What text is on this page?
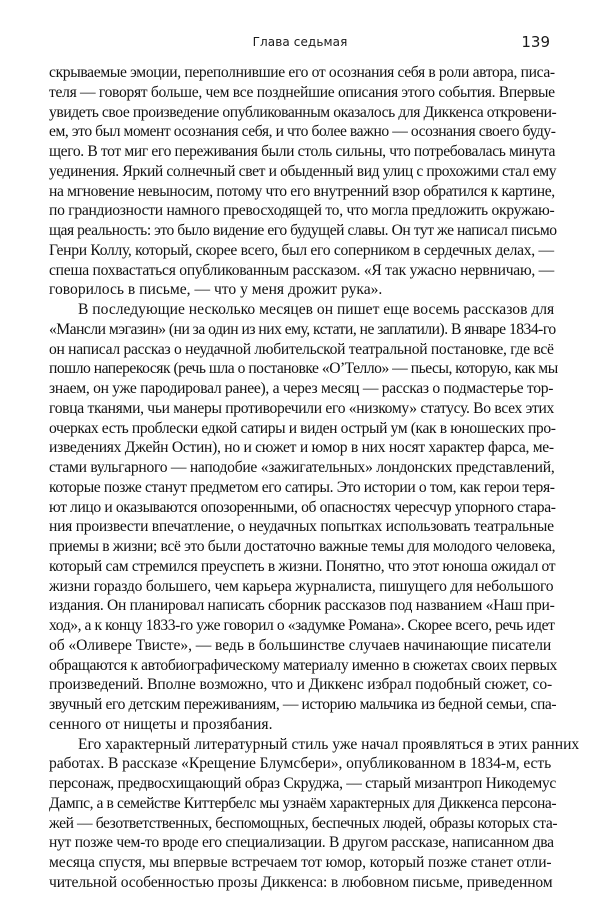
Глава седьмая	139
скрываемые эмоции, переполнившие его от осознания себя в роли автора, писа-
теля — говорят больше, чем все позднейшие описания этого события. Впервые
увидеть свое произведение опубликованным оказалось для Диккенса откровени-
ем, это был момент осознания себя, и что более важно — осознания своего буду-
щего. В тот миг его переживания были столь сильны, что потребовалась минута
уединения. Яркий солнечный свет и обыденный вид улиц с прохожими стал ему
на мгновение невыносим, потому что его внутренний взор обратился к картине,
по грандиозности намного превосходящей то, что могла предложить окружаю-
щая реальность: это было видение его будущей славы. Он тут же написал письмо
Генри Коллу, который, скорее всего, был его соперником в сердечных делах, —
спеша похвастаться опубликованным рассказом. «Я так ужасно нервничаю, —
говорилось в письме, — что у меня дрожит рука».
В последующие несколько месяцев он пишет еще восемь рассказов для
«Мансли мэгазин» (ни за один из них ему, кстати, не заплатили). В январе 1834-го
он написал рассказ о неудачной любительской театральной постановке, где всё
пошло наперекосяк (речь шла о постановке «О’Телло» — пьесы, которую, как мы
знаем, он уже пародировал ранее), а через месяц — рассказ о подмастерье тор-
говца тканями, чьи манеры противоречили его «низкому» статусу. Во всех этих
очерках есть проблески едкой сатиры и виден острый ум (как в юношеских про-
изведениях Джейн Остин), но и сюжет и юмор в них носят характер фарса, ме-
стами вульгарного — наподобие «зажигательных» лондонских представлений,
которые позже станут предметом его сатиры. Это истории о том, как герои теря-
ют лицо и оказываются опозоренными, об опасностях чересчур упорного стара-
ния произвести впечатление, о неудачных попытках использовать театральные
приемы в жизни; всё это были достаточно важные темы для молодого человека,
который сам стремился преуспеть в жизни. Понятно, что этот юноша ожидал от
жизни гораздо большего, чем карьера журналиста, пишущего для небольшого
издания. Он планировал написать сборник рассказов под названием «Наш при-
ход», а к концу 1833-го уже говорил о «задумке Романа». Скорее всего, речь идет
об «Оливере Твисте», — ведь в большинстве случаев начинающие писатели
обращаются к автобиографическому материалу именно в сюжетах своих первых
произведений. Вполне возможно, что и Диккенс избрал подобный сюжет, со-
звучный его детским переживаниям, — историю мальчика из бедной семьи, спа-
сенного от нищеты и прозябания.
Его характерный литературный стиль уже начал проявляться в этих ранних
работах. В рассказе «Крещение Блумсбери», опубликованном в 1834-м, есть
персонаж, предвосхищающий образ Скруджа, — старый мизантроп Никодемус
Дампс, а в семействе Киттербелс мы узнаём характерных для Диккенса персона-
жей — безответственных, беспомощных, беспечных людей, образы которых ста-
нут позже чем-то вроде его специализации. В другом рассказе, написанном два
месяца спустя, мы впервые встречаем тот юмор, который позже станет отли-
чительной особенностью прозы Диккенса: в любовном письме, приведенном
